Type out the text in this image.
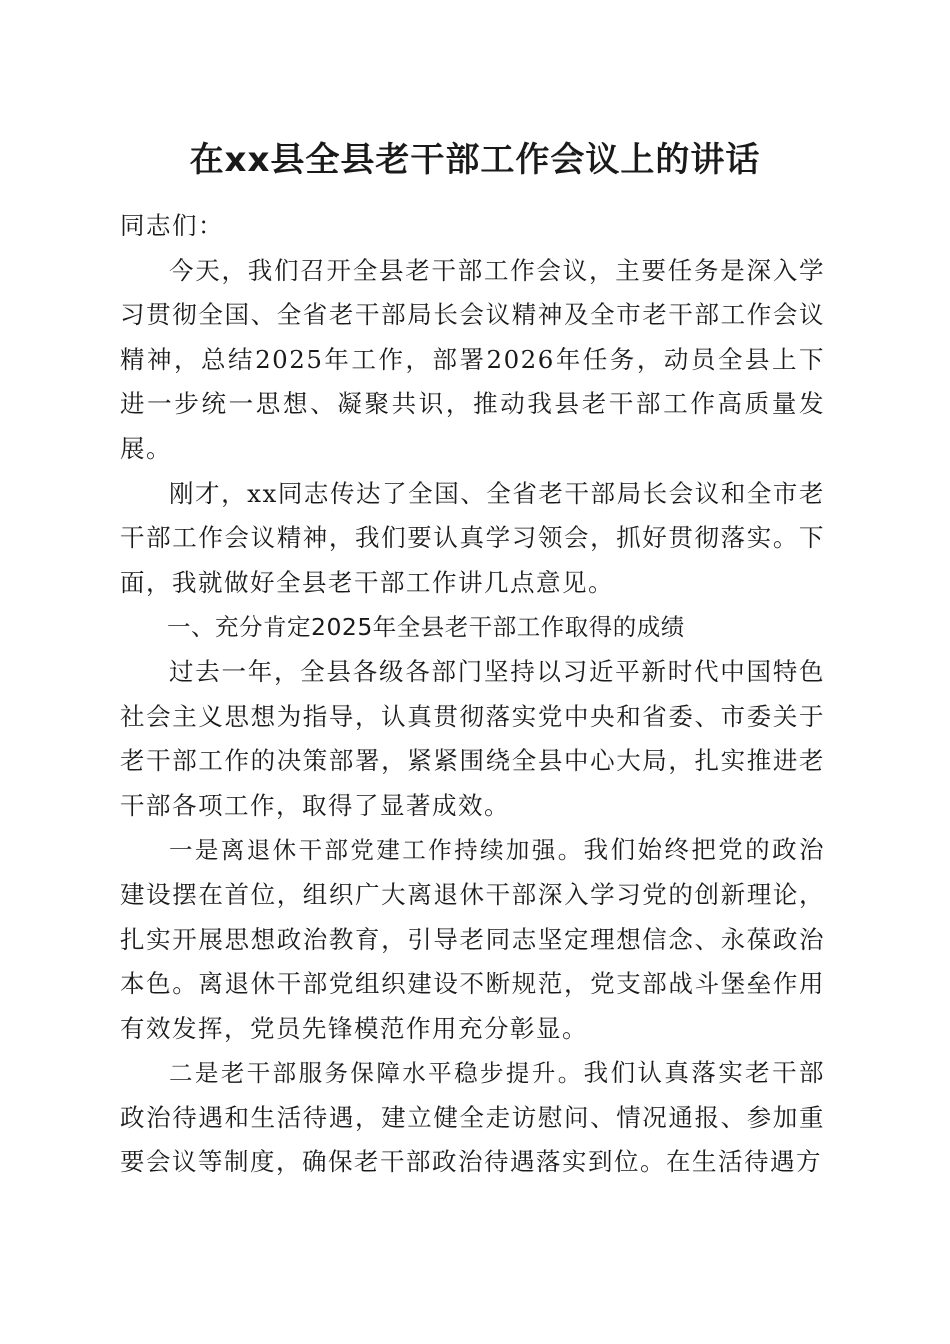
在xx县全县老干部工作会议上的讲话

同志们：

今天，我们召开全县老干部工作会议，主要任务是深入学习贯彻全国、全省老干部局长会议精神及全市老干部工作会议精神，总结2025年工作，部署2026年任务，动员全县上下进一步统一思想、凝聚共识，推动我县老干部工作高质量发展。

刚才，xx同志传达了全国、全省老干部局长会议和全市老干部工作会议精神，我们要认真学习领会，抓好贯彻落实。下面，我就做好全县老干部工作讲几点意见。

一、充分肯定2025年全县老干部工作取得的成绩

过去一年，全县各级各部门坚持以习近平新时代中国特色社会主义思想为指导，认真贯彻落实党中央和省委、市委关于老干部工作的决策部署，紧紧围绕全县中心大局，扎实推进老干部各项工作，取得了显著成效。

一是离退休干部党建工作持续加强。我们始终把党的政治建设摆在首位，组织广大离退休干部深入学习党的创新理论，扎实开展思想政治教育，引导老同志坚定理想信念、永葆政治本色。离退休干部党组织建设不断规范，党支部战斗堡垒作用有效发挥，党员先锋模范作用充分彰显。

二是老干部服务保障水平稳步提升。我们认真落实老干部政治待遇和生活待遇，建立健全走访慰问、情况通报、参加重要会议等制度，确保老干部政治待遇落实到位。在生活待遇方
